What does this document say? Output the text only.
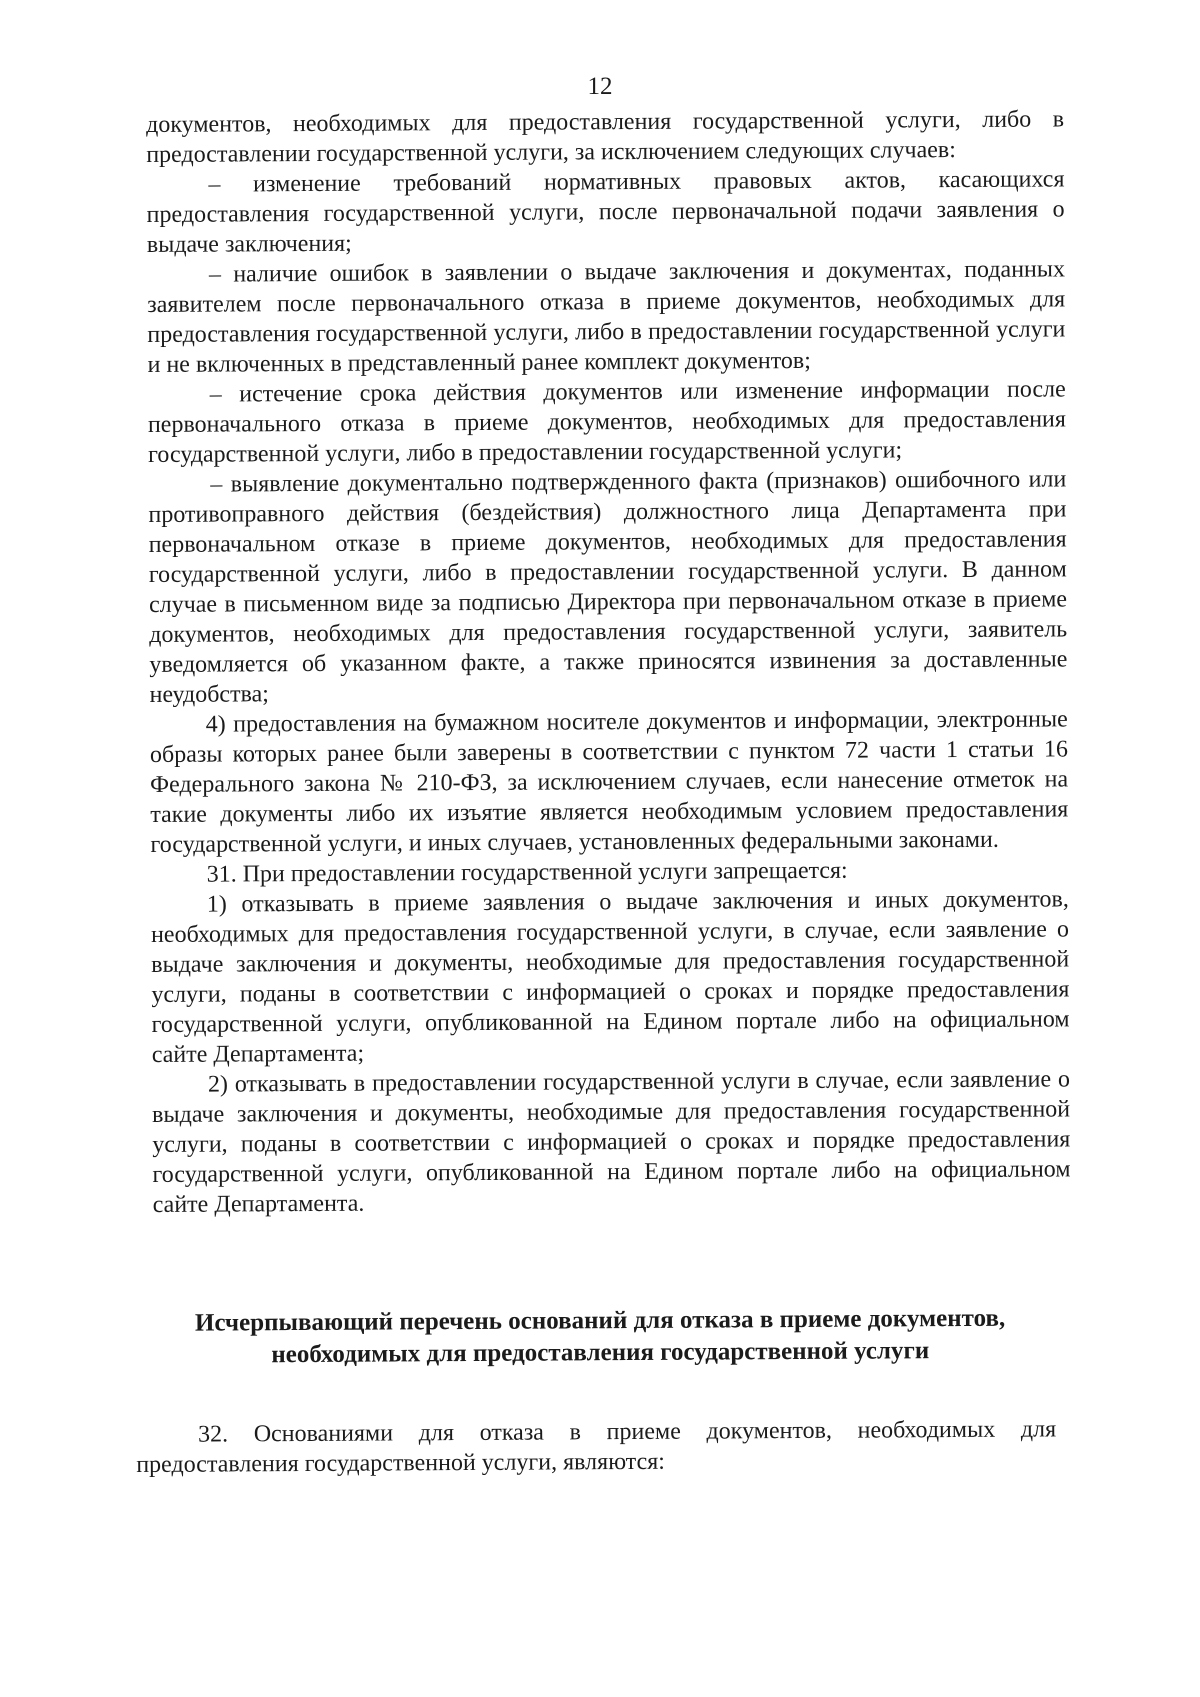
12

документов, необходимых для предоставления государственной услуги, либо в предоставлении государственной услуги, за исключением следующих случаев:

– изменение требований нормативных правовых актов, касающихся предоставления государственной услуги, после первоначальной подачи заявления о выдаче заключения;

– наличие ошибок в заявлении о выдаче заключения и документах, поданных заявителем после первоначального отказа в приеме документов, необходимых для предоставления государственной услуги, либо в предоставлении государственной услуги и не включенных в представленный ранее комплект документов;

– истечение срока действия документов или изменение информации после первоначального отказа в приеме документов, необходимых для предоставления государственной услуги, либо в предоставлении государственной услуги;

– выявление документально подтвержденного факта (признаков) ошибочного или противоправного действия (бездействия) должностного лица Департамента при первоначальном отказе в приеме документов, необходимых для предоставления государственной услуги, либо в предоставлении государственной услуги. В данном случае в письменном виде за подписью Директора при первоначальном отказе в приеме документов, необходимых для предоставления государственной услуги, заявитель уведомляется об указанном факте, а также приносятся извинения за доставленные неудобства;

4) предоставления на бумажном носителе документов и информации, электронные образы которых ранее были заверены в соответствии с пунктом 72 части 1 статьи 16 Федерального закона № 210-ФЗ, за исключением случаев, если нанесение отметок на такие документы либо их изъятие является необходимым условием предоставления государственной услуги, и иных случаев, установленных федеральными законами.

31. При предоставлении государственной услуги запрещается:

1) отказывать в приеме заявления о выдаче заключения и иных документов, необходимых для предоставления государственной услуги, в случае, если заявление о выдаче заключения и документы, необходимые для предоставления государственной услуги, поданы в соответствии с информацией о сроках и порядке предоставления государственной услуги, опубликованной на Едином портале либо на официальном сайте Департамента;

2) отказывать в предоставлении государственной услуги в случае, если заявление о выдаче заключения и документы, необходимые для предоставления государственной услуги, поданы в соответствии с информацией о сроках и порядке предоставления государственной услуги, опубликованной на Едином портале либо на официальном сайте Департамента.

Исчерпывающий перечень оснований для отказа в приеме документов,
необходимых для предоставления государственной услуги

32. Основаниями для отказа в приеме документов, необходимых для предоставления государственной услуги, являются:
